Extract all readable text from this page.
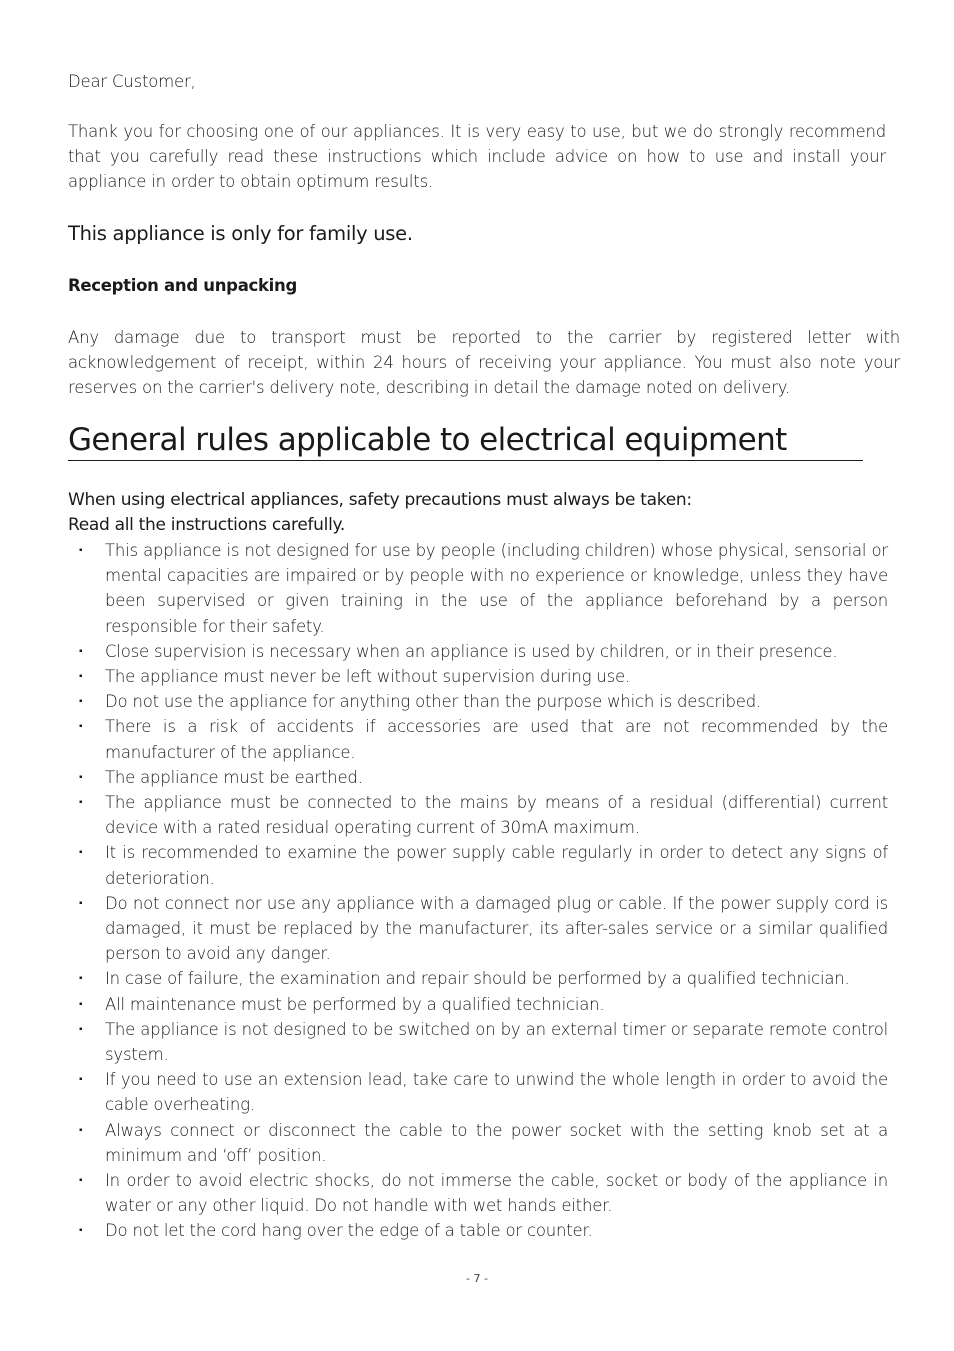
Dear Customer,
Thank you for choosing one of our appliances. It is very easy to use, but we do strongly recommend that you carefully read these instructions which include advice on how to use and install your appliance in order to obtain optimum results.
This appliance is only for family use.
Reception and unpacking
Any damage due to transport must be reported to the carrier by registered letter with acknowledgement of receipt, within 24 hours of receiving your appliance. You must also note your reserves on the carrier's delivery note, describing in detail the damage noted on delivery.
General rules applicable to electrical equipment
When using electrical appliances, safety precautions must always be taken:
Read all the instructions carefully.
▪ This appliance is not designed for use by people (including children) whose physical, sensorial or mental capacities are impaired or by people with no experience or knowledge, unless they have been supervised or given training in the use of the appliance beforehand by a person responsible for their safety.
▪ Close supervision is necessary when an appliance is used by children, or in their presence.
▪ The appliance must never be left without supervision during use.
▪ Do not use the appliance for anything other than the purpose which is described.
▪ There is a risk of accidents if accessories are used that are not recommended by the manufacturer of the appliance.
▪ The appliance must be earthed.
▪ The appliance must be connected to the mains by means of a residual (differential) current device with a rated residual operating current of 30mA maximum.
▪ It is recommended to examine the power supply cable regularly in order to detect any signs of deterioration.
▪ Do not connect nor use any appliance with a damaged plug or cable. If the power supply cord is damaged, it must be replaced by the manufacturer, its after-sales service or a similar qualified person to avoid any danger.
▪ In case of failure, the examination and repair should be performed by a qualified technician.
▪ All maintenance must be performed by a qualified technician.
▪ The appliance is not designed to be switched on by an external timer or separate remote control system.
▪ If you need to use an extension lead, take care to unwind the whole length in order to avoid the cable overheating.
▪ Always connect or disconnect the cable to the power socket with the setting knob set at a minimum and ‘off’ position.
▪ In order to avoid electric shocks, do not immerse the cable, socket or body of the appliance in water or any other liquid. Do not handle with wet hands either.
▪ Do not let the cord hang over the edge of a table or counter.
- 7 -
